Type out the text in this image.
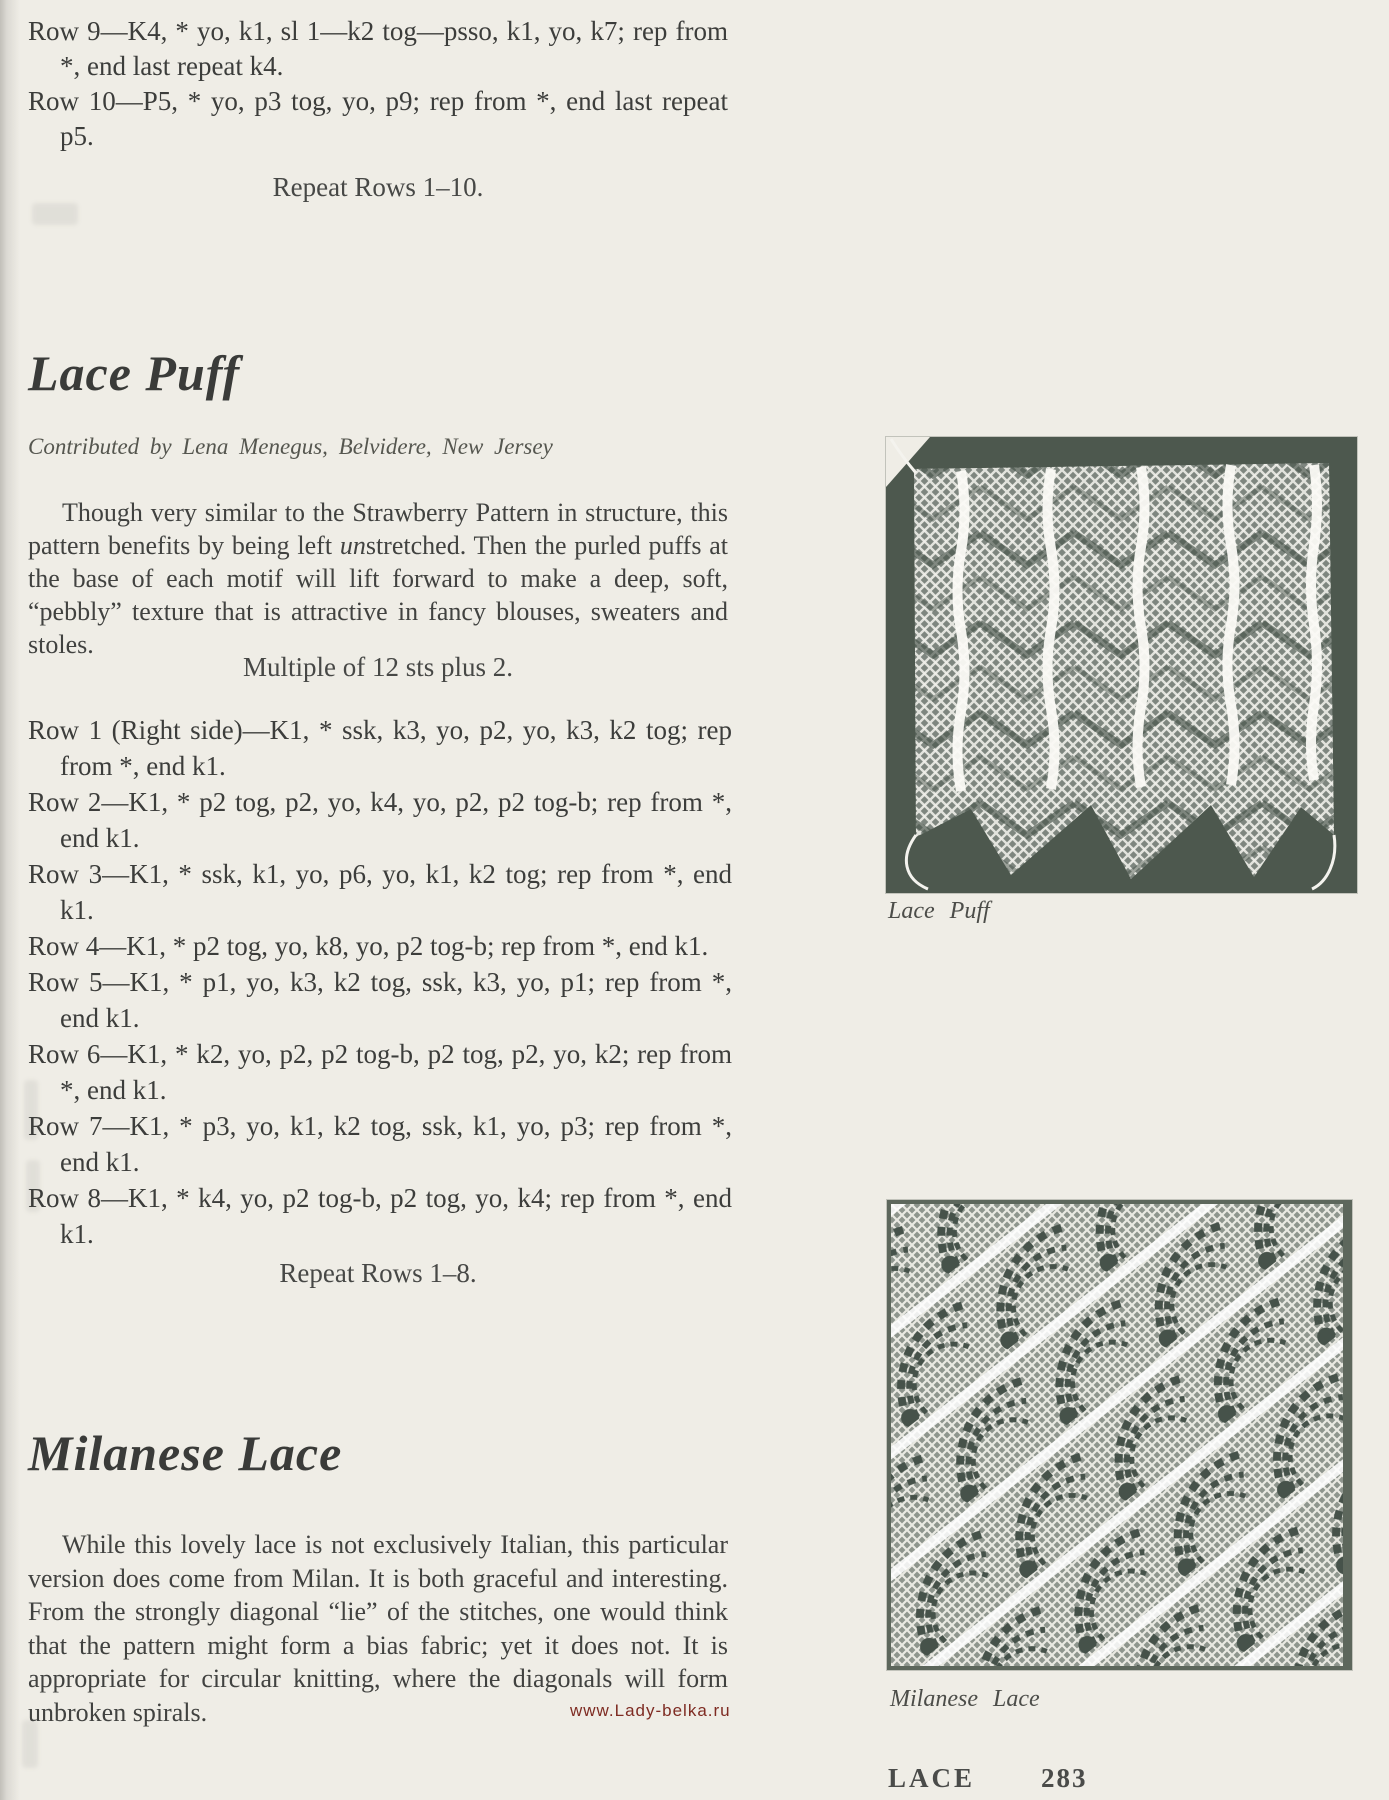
Row 9—K4, * yo, k1, sl 1—k2 tog—psso, k1, yo, k7; rep from *, end last repeat k4.

Row 10—P5, * yo, p3 tog, yo, p9; rep from *, end last repeat p5.

Repeat Rows 1–10.
Lace Puff
Contributed by Lena Menegus, Belvidere, New Jersey

Though very similar to the Strawberry Pattern in structure, this pattern benefits by being left unstretched. Then the purled puffs at the base of each motif will lift forward to make a deep, soft, “pebbly” texture that is attractive in fancy blouses, sweaters and stoles.

Multiple of 12 sts plus 2.

Row 1 (Right side)—K1, * ssk, k3, yo, p2, yo, k3, k2 tog; rep from *, end k1.

Row 2—K1, * p2 tog, p2, yo, k4, yo, p2, p2 tog-b; rep from *, end k1.

Row 3—K1, * ssk, k1, yo, p6, yo, k1, k2 tog; rep from *, end k1.

Row 4—K1, * p2 tog, yo, k8, yo, p2 tog-b; rep from *, end k1.

Row 5—K1, * p1, yo, k3, k2 tog, ssk, k3, yo, p1; rep from *, end k1.

Row 6—K1, * k2, yo, p2, p2 tog-b, p2 tog, p2, yo, k2; rep from *, end k1.

Row 7—K1, * p3, yo, k1, k2 tog, ssk, k1, yo, p3; rep from *, end k1.

Row 8—K1, * k4, yo, p2 tog-b, p2 tog, yo, k4; rep from *, end k1.

Repeat Rows 1–8.
Milanese Lace

While this lovely lace is not exclusively Italian, this particular version does come from Milan. It is both graceful and interesting. From the strongly diagonal “lie” of the stitches, one would think that the pattern might form a bias fabric; yet it does not. It is appropriate for circular knitting, where the diagonals will form unbroken spirals.	www.Lady-belka.ru

Lace Puff

Milanese Lace

LACE 283
